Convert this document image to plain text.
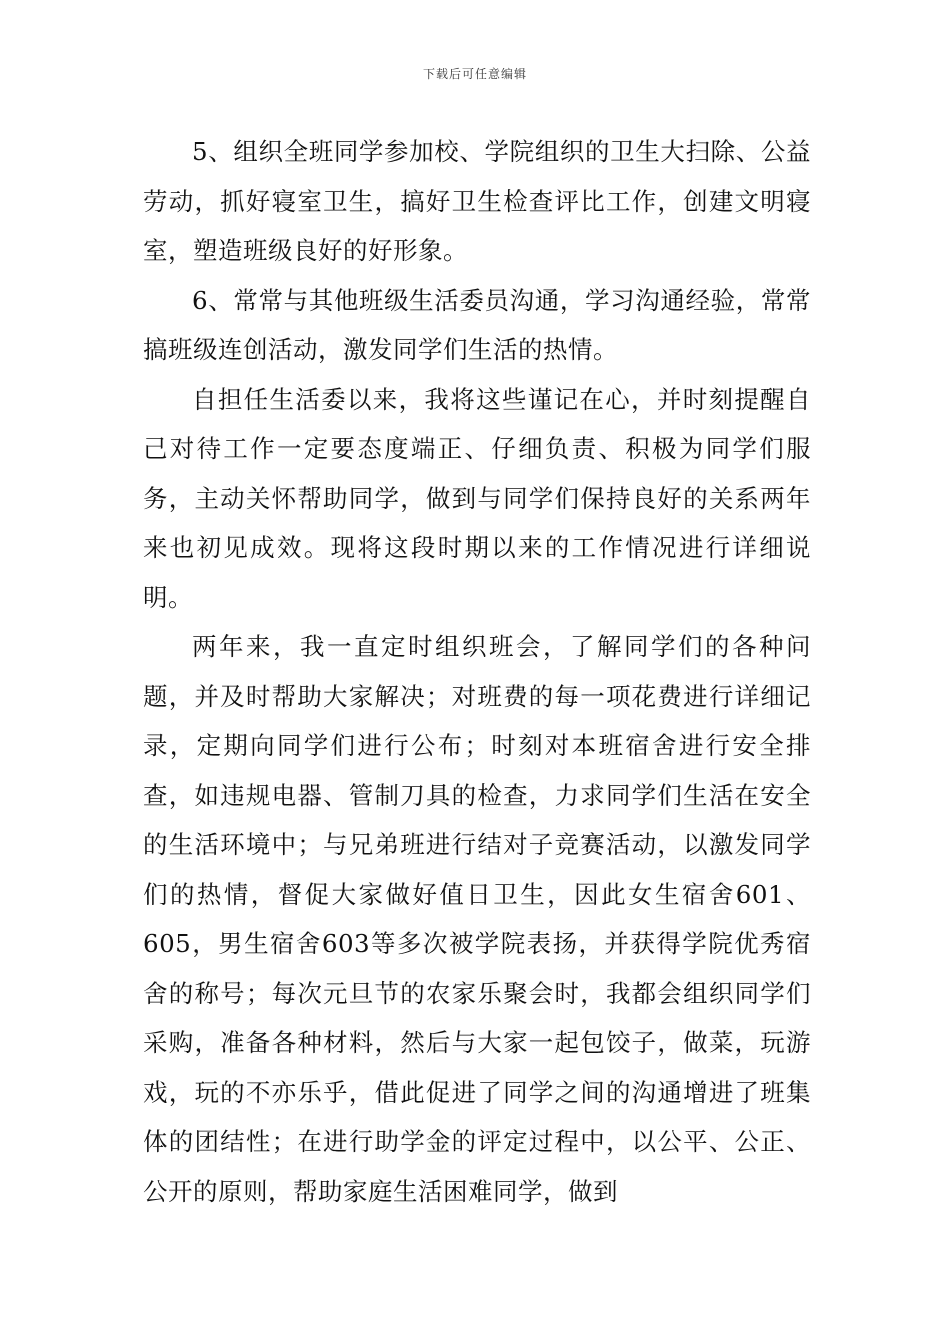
下载后可任意编辑

5、组织全班同学参加校、学院组织的卫生大扫除、公益劳动，抓好寝室卫生，搞好卫生检查评比工作，创建文明寝室，塑造班级良好的好形象。

6、常常与其他班级生活委员沟通，学习沟通经验，常常搞班级连创活动，激发同学们生活的热情。

自担任生活委以来，我将这些谨记在心，并时刻提醒自己对待工作一定要态度端正、仔细负责、积极为同学们服务，主动关怀帮助同学，做到与同学们保持良好的关系两年来也初见成效。现将这段时期以来的工作情况进行详细说明。

两年来，我一直定时组织班会，了解同学们的各种问题，并及时帮助大家解决；对班费的每一项花费进行详细记录，定期向同学们进行公布；时刻对本班宿舍进行安全排查，如违规电器、管制刀具的检查，力求同学们生活在安全的生活环境中；与兄弟班进行结对子竞赛活动，以激发同学们的热情，督促大家做好值日卫生，因此女生宿舍601、605，男生宿舍603等多次被学院表扬，并获得学院优秀宿舍的称号；每次元旦节的农家乐聚会时，我都会组织同学们采购，准备各种材料，然后与大家一起包饺子，做菜，玩游戏，玩的不亦乐乎，借此促进了同学之间的沟通增进了班集体的团结性；在进行助学金的评定过程中，以公平、公正、公开的原则，帮助家庭生活困难同学，做到
